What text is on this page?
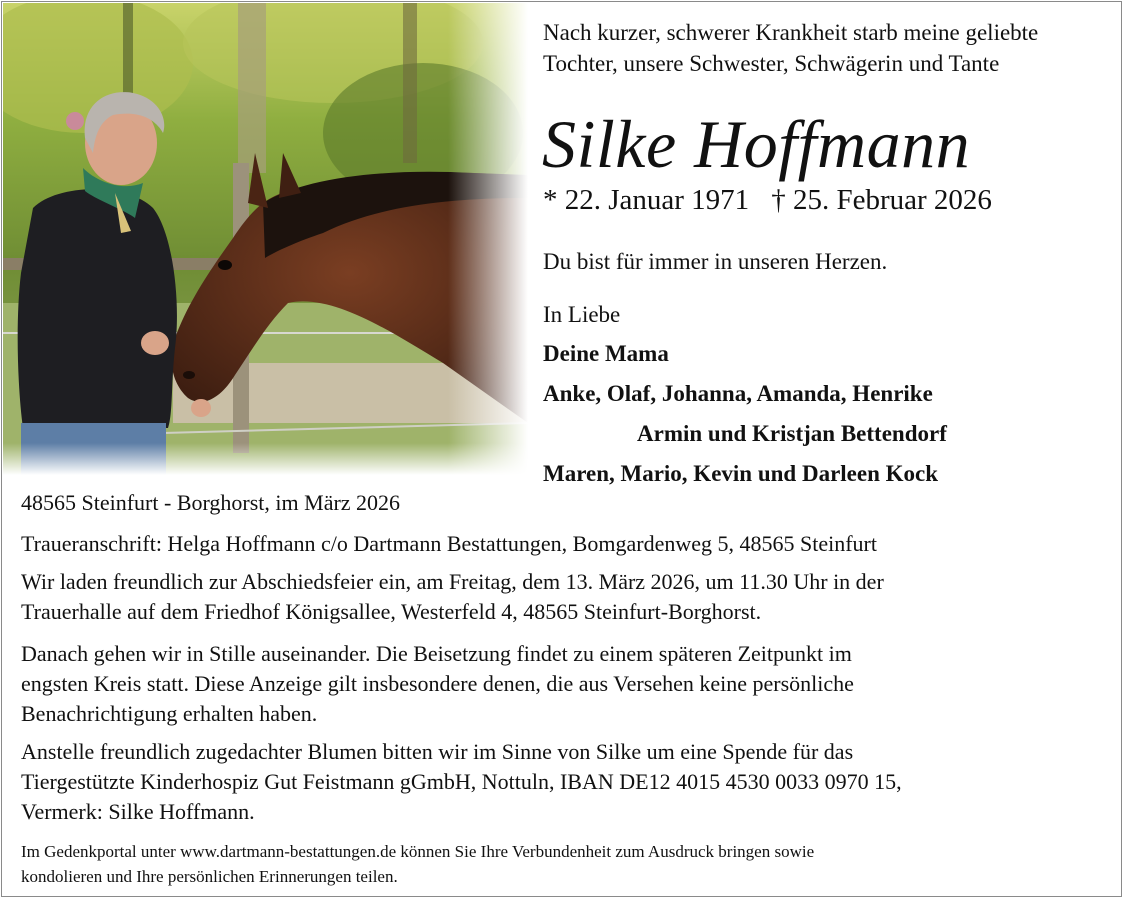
Nach kurzer, schwerer Krankheit starb meine geliebte
Tochter, unsere Schwester, Schwägerin und Tante
Silke Hoffmann
* 22. Januar 1971 † 25. Februar 2026
Du bist für immer in unseren Herzen.
In Liebe
Deine Mama
Anke, Olaf, Johanna, Amanda, Henrike
Armin und Kristjan Bettendorf
Maren, Mario, Kevin und Darleen Kock
48565 Steinfurt - Borghorst, im März 2026
Traueranschrift: Helga Hoffmann c/o Dartmann Bestattungen, Bomgardenweg 5, 48565 Steinfurt
Wir laden freundlich zur Abschiedsfeier ein, am Freitag, dem 13. März 2026, um 11.30 Uhr in der
Trauerhalle auf dem Friedhof Königsallee, Westerfeld 4, 48565 Steinfurt-Borghorst.
Danach gehen wir in Stille auseinander. Die Beisetzung findet zu einem späteren Zeitpunkt im
engsten Kreis statt. Diese Anzeige gilt insbesondere denen, die aus Versehen keine persönliche
Benachrichtigung erhalten haben.
Anstelle freundlich zugedachter Blumen bitten wir im Sinne von Silke um eine Spende für das
Tiergestützte Kinderhospiz Gut Feistmann gGmbH, Nottuln, IBAN DE12 4015 4530 0033 0970 15,
Vermerk: Silke Hoffmann.
Im Gedenkportal unter www.dartmann-bestattungen.de können Sie Ihre Verbundenheit zum Ausdruck bringen sowie
kondolieren und Ihre persönlichen Erinnerungen teilen.
